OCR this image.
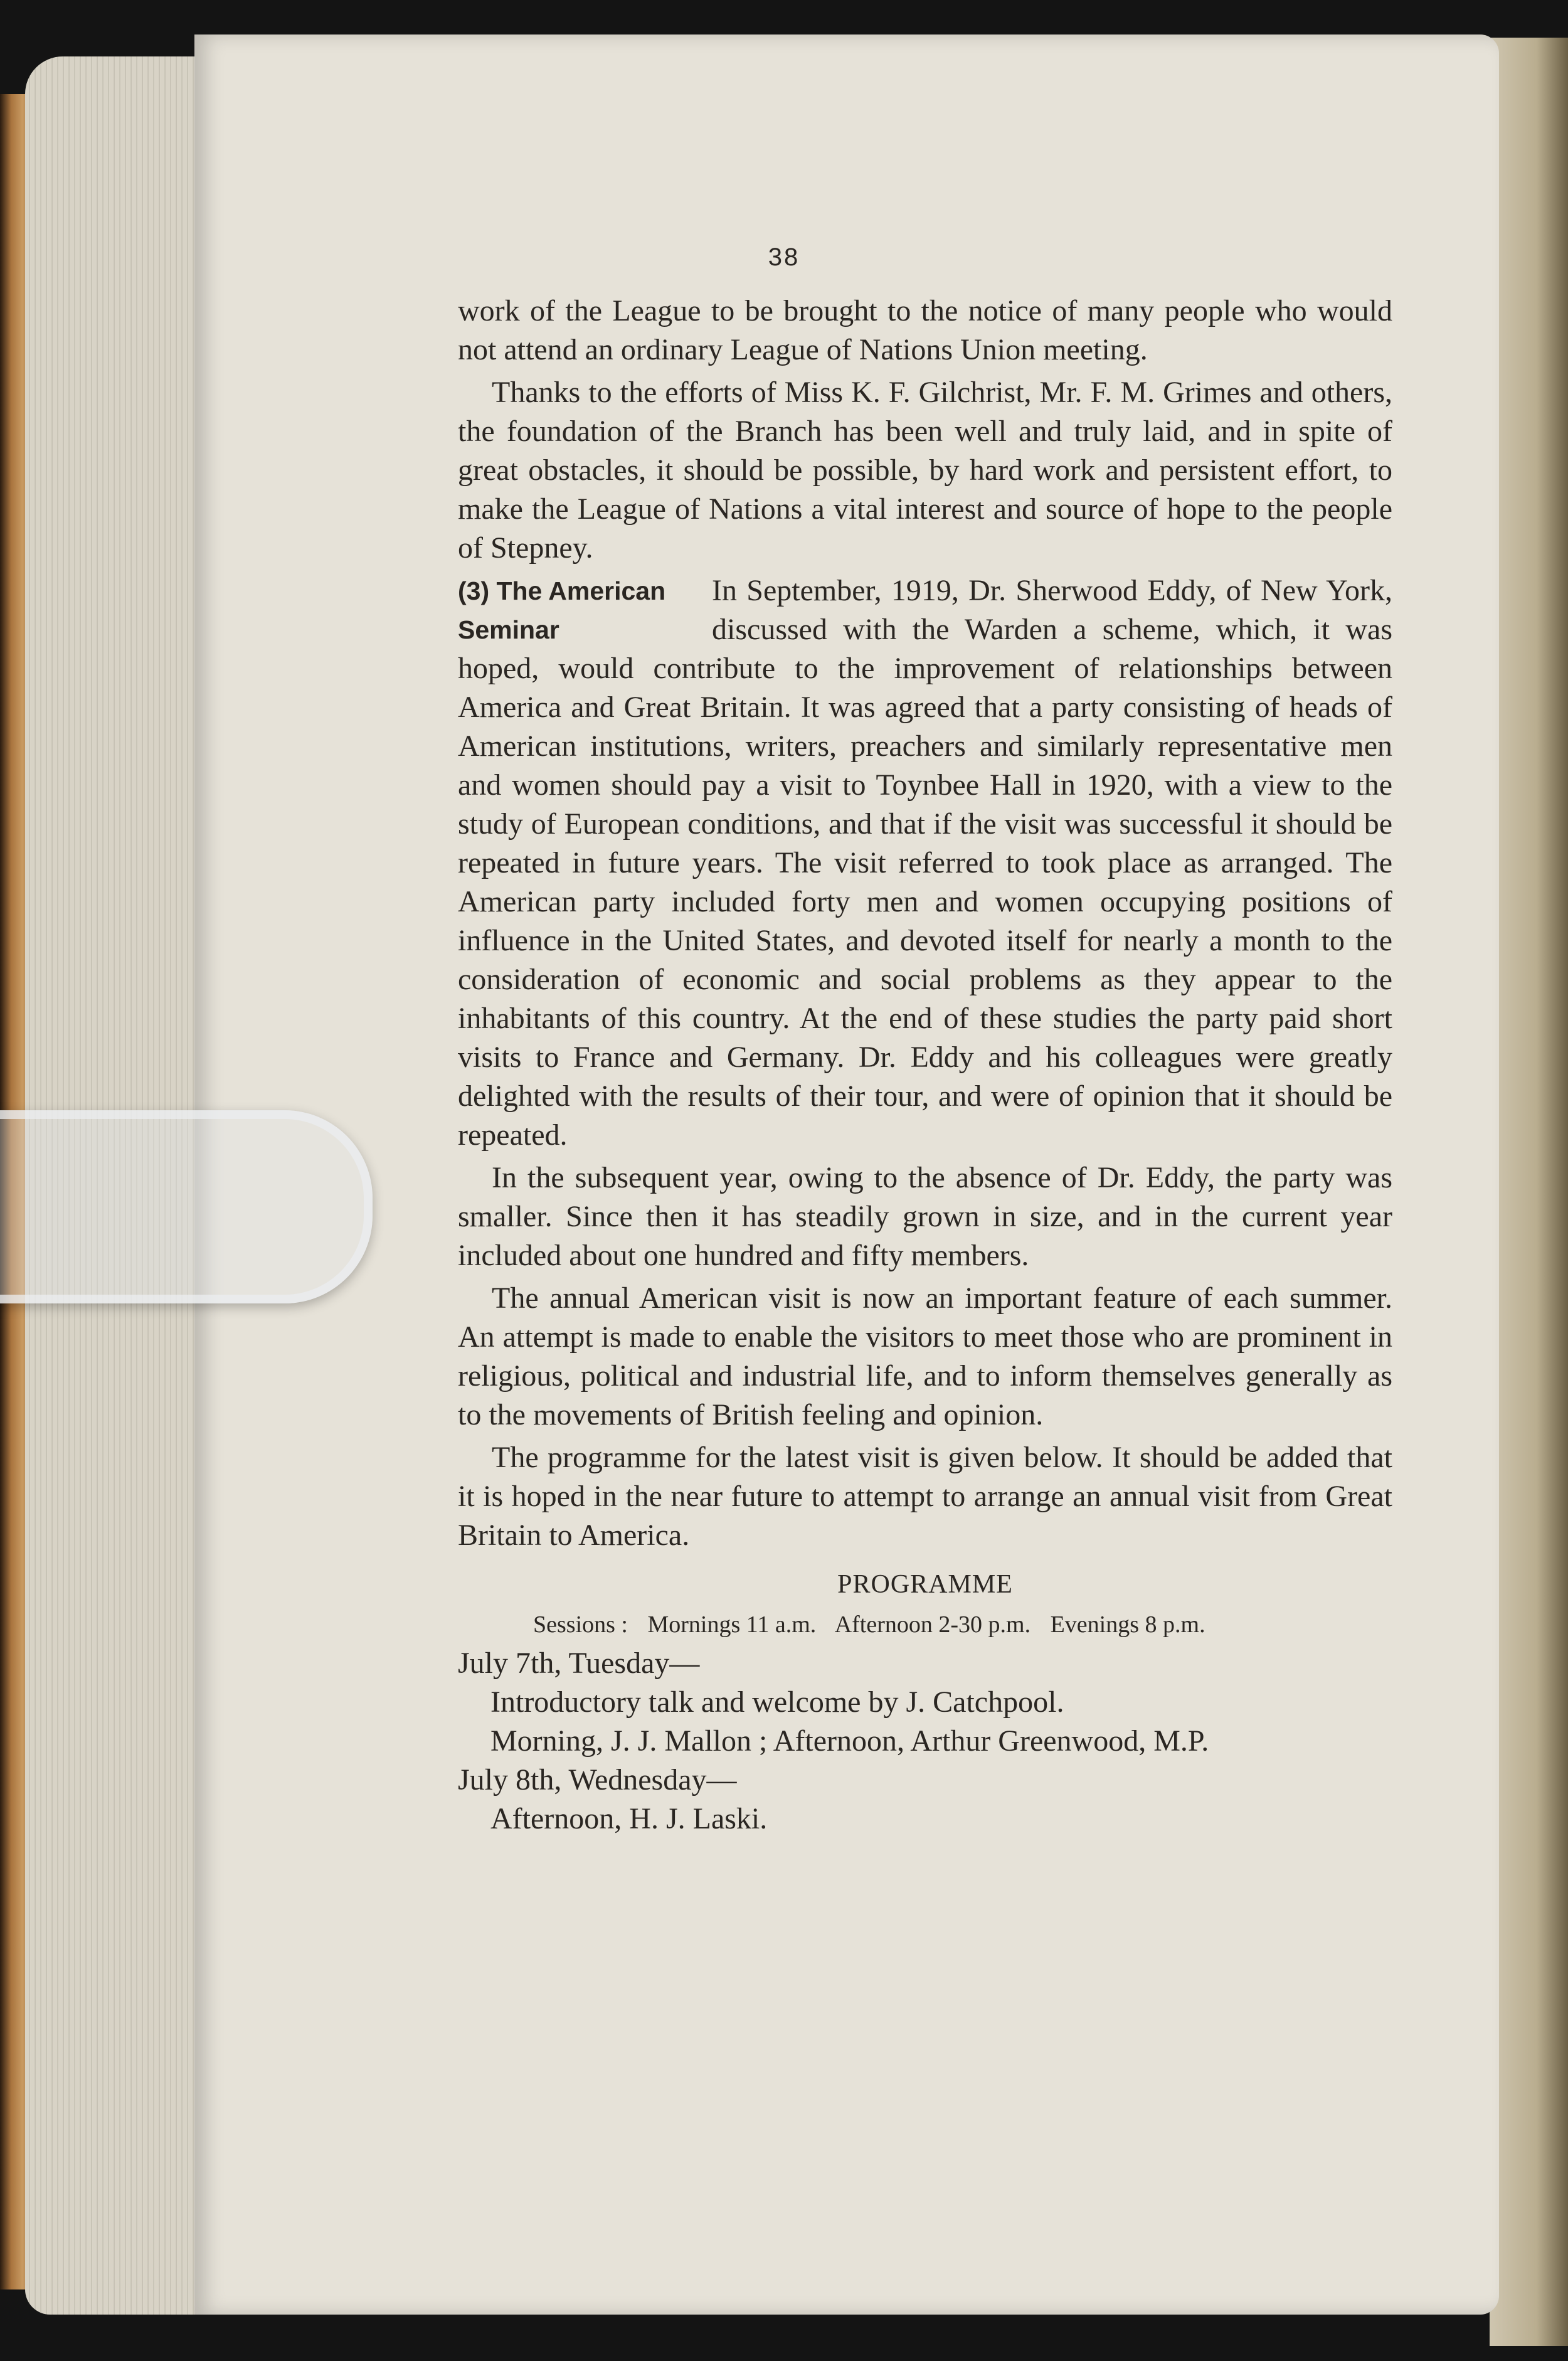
38

work of the League to be brought to the notice of many people who would not attend an ordinary League of Nations Union meeting.

Thanks to the efforts of Miss K. F. Gilchrist, Mr. F. M. Grimes and others, the foundation of the Branch has been well and truly laid, and in spite of great obstacles, it should be possible, by hard work and persistent effort, to make the League of Nations a vital interest and source of hope to the people of Stepney.

(3) The American
Seminar

In September, 1919, Dr. Sherwood Eddy, of New York, discussed with the Warden a scheme, which, it was hoped, would contribute to the improvement of relationships between America and Great Britain. It was agreed that a party consisting of heads of American institutions, writers, preachers and similarly representative men and women should pay a visit to Toynbee Hall in 1920, with a view to the study of European conditions, and that if the visit was successful it should be repeated in future years. The visit referred to took place as arranged. The American party included forty men and women occupying positions of influence in the United States, and devoted itself for nearly a month to the consideration of economic and social problems as they appear to the inhabitants of this country. At the end of these studies the party paid short visits to France and Germany. Dr. Eddy and his colleagues were greatly delighted with the results of their tour, and were of opinion that it should be repeated.

In the subsequent year, owing to the absence of Dr. Eddy, the party was smaller. Since then it has steadily grown in size, and in the current year included about one hundred and fifty members.

The annual American visit is now an important feature of each summer. An attempt is made to enable the visitors to meet those who are prominent in religious, political and industrial life, and to inform themselves generally as to the movements of British feeling and opinion.

The programme for the latest visit is given below. It should be added that it is hoped in the near future to attempt to arrange an annual visit from Great Britain to America.

PROGRAMME
Sessions : Mornings 11 a.m. Afternoon 2-30 p.m. Evenings 8 p.m.
July 7th, Tuesday—
Introductory talk and welcome by J. Catchpool.
Morning, J. J. Mallon ; Afternoon, Arthur Greenwood, M.P.
July 8th, Wednesday—
Afternoon, H. J. Laski.
